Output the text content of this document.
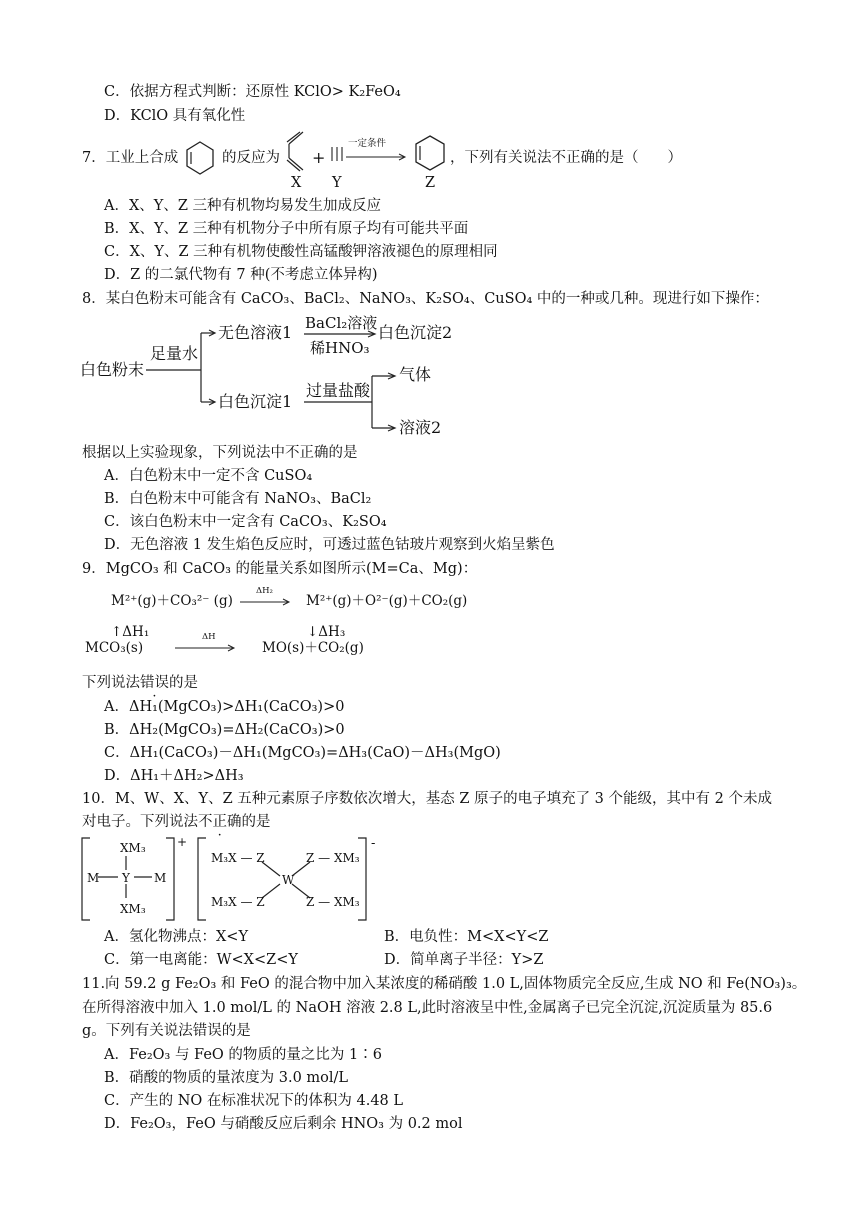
C．依据方程式判断：还原性 KClO> K₂FeO₄
D．KClO 具有氧化性
7．工业上合成	的反应为 +
一定条件
，下列有关说法不正确的是（　　）
X Y	Z
A．X、Y、Z 三种有机物均易发生加成反应
B．X、Y、Z 三种有机物分子中所有原子均有可能共平面
C．X、Y、Z 三种有机物使酸性高锰酸钾溶液褪色的原理相同
D．Z 的二氯代物有 7 种(不考虑立体异构)
8．某白色粉末可能含有 CaCO₃、BaCl₂、NaNO₃、K₂SO₄、CuSO₄ 中的一种或几种。现进行如下操作：
白色粉末
足量水
无色溶液1 BaCl₂溶液
稀HNO₃
白色沉淀2
白色沉淀1
过量盐酸
气体
溶液2
根据以上实验现象，下列说法中不正确的是
A．白色粉末中一定不含 CuSO₄
B．白色粉末中可能含有 NaNO₃、BaCl₂
C．该白色粉末中一定含有 CaCO₃、K₂SO₄
D．无色溶液 1 发生焰色反应时，可透过蓝色钴玻片观察到火焰呈紫色
9．MgCO₃ 和 CaCO₃ 的能量关系如图所示(M=Ca、Mg)：
M²⁺(g)＋CO₃²⁻ (g)
ΔH₂
M²⁺(g)＋O²⁻(g)＋CO₂(g)
↑ΔH₁	↓ΔH₃
MCO₃(s)
ΔH
MO(s)＋CO₂(g)
下列说法错误的是
A．ΔH₁(MgCO₃)>ΔH₁(CaCO₃)>0
B．ΔH₂(MgCO₃)=ΔH₂(CaCO₃)>0
C．ΔH₁(CaCO₃)－ΔH₁(MgCO₃)=ΔH₃(CaO)－ΔH₃(MgO)
D．ΔH₁＋ΔH₂>ΔH₃
10．M、W、X、Y、Z 五种元素原子序数依次增大，基态 Z 原子的电子填充了 3 个能级，其中有 2 个未成
对电子。下列说法不正确的是
XM₃
M Y M
XM₃
+
M₃X — Z	Z — XM₃
W
M₃X — Z	Z — XM₃
-
A．氢化物沸点：X<Y	B．电负性：M<X<Y<Z
C．第一电离能：W<X<Z<Y	D．简单离子半径：Y>Z
11.向 59.2 g Fe₂O₃ 和 FeO 的混合物中加入某浓度的稀硝酸 1.0 L,固体物质完全反应,生成 NO 和 Fe(NO₃)₃。
在所得溶液中加入 1.0 mol/L 的 NaOH 溶液 2.8 L,此时溶液呈中性,金属离子已完全沉淀,沉淀质量为 85.6
g。下列有关说法错误的是
A．Fe₂O₃ 与 FeO 的物质的量之比为 1∶6
B．硝酸的物质的量浓度为 3.0 mol/L
C．产生的 NO 在标准状况下的体积为 4.48 L
D．Fe₂O₃，FeO 与硝酸反应后剩余 HNO₃ 为 0.2 mol
